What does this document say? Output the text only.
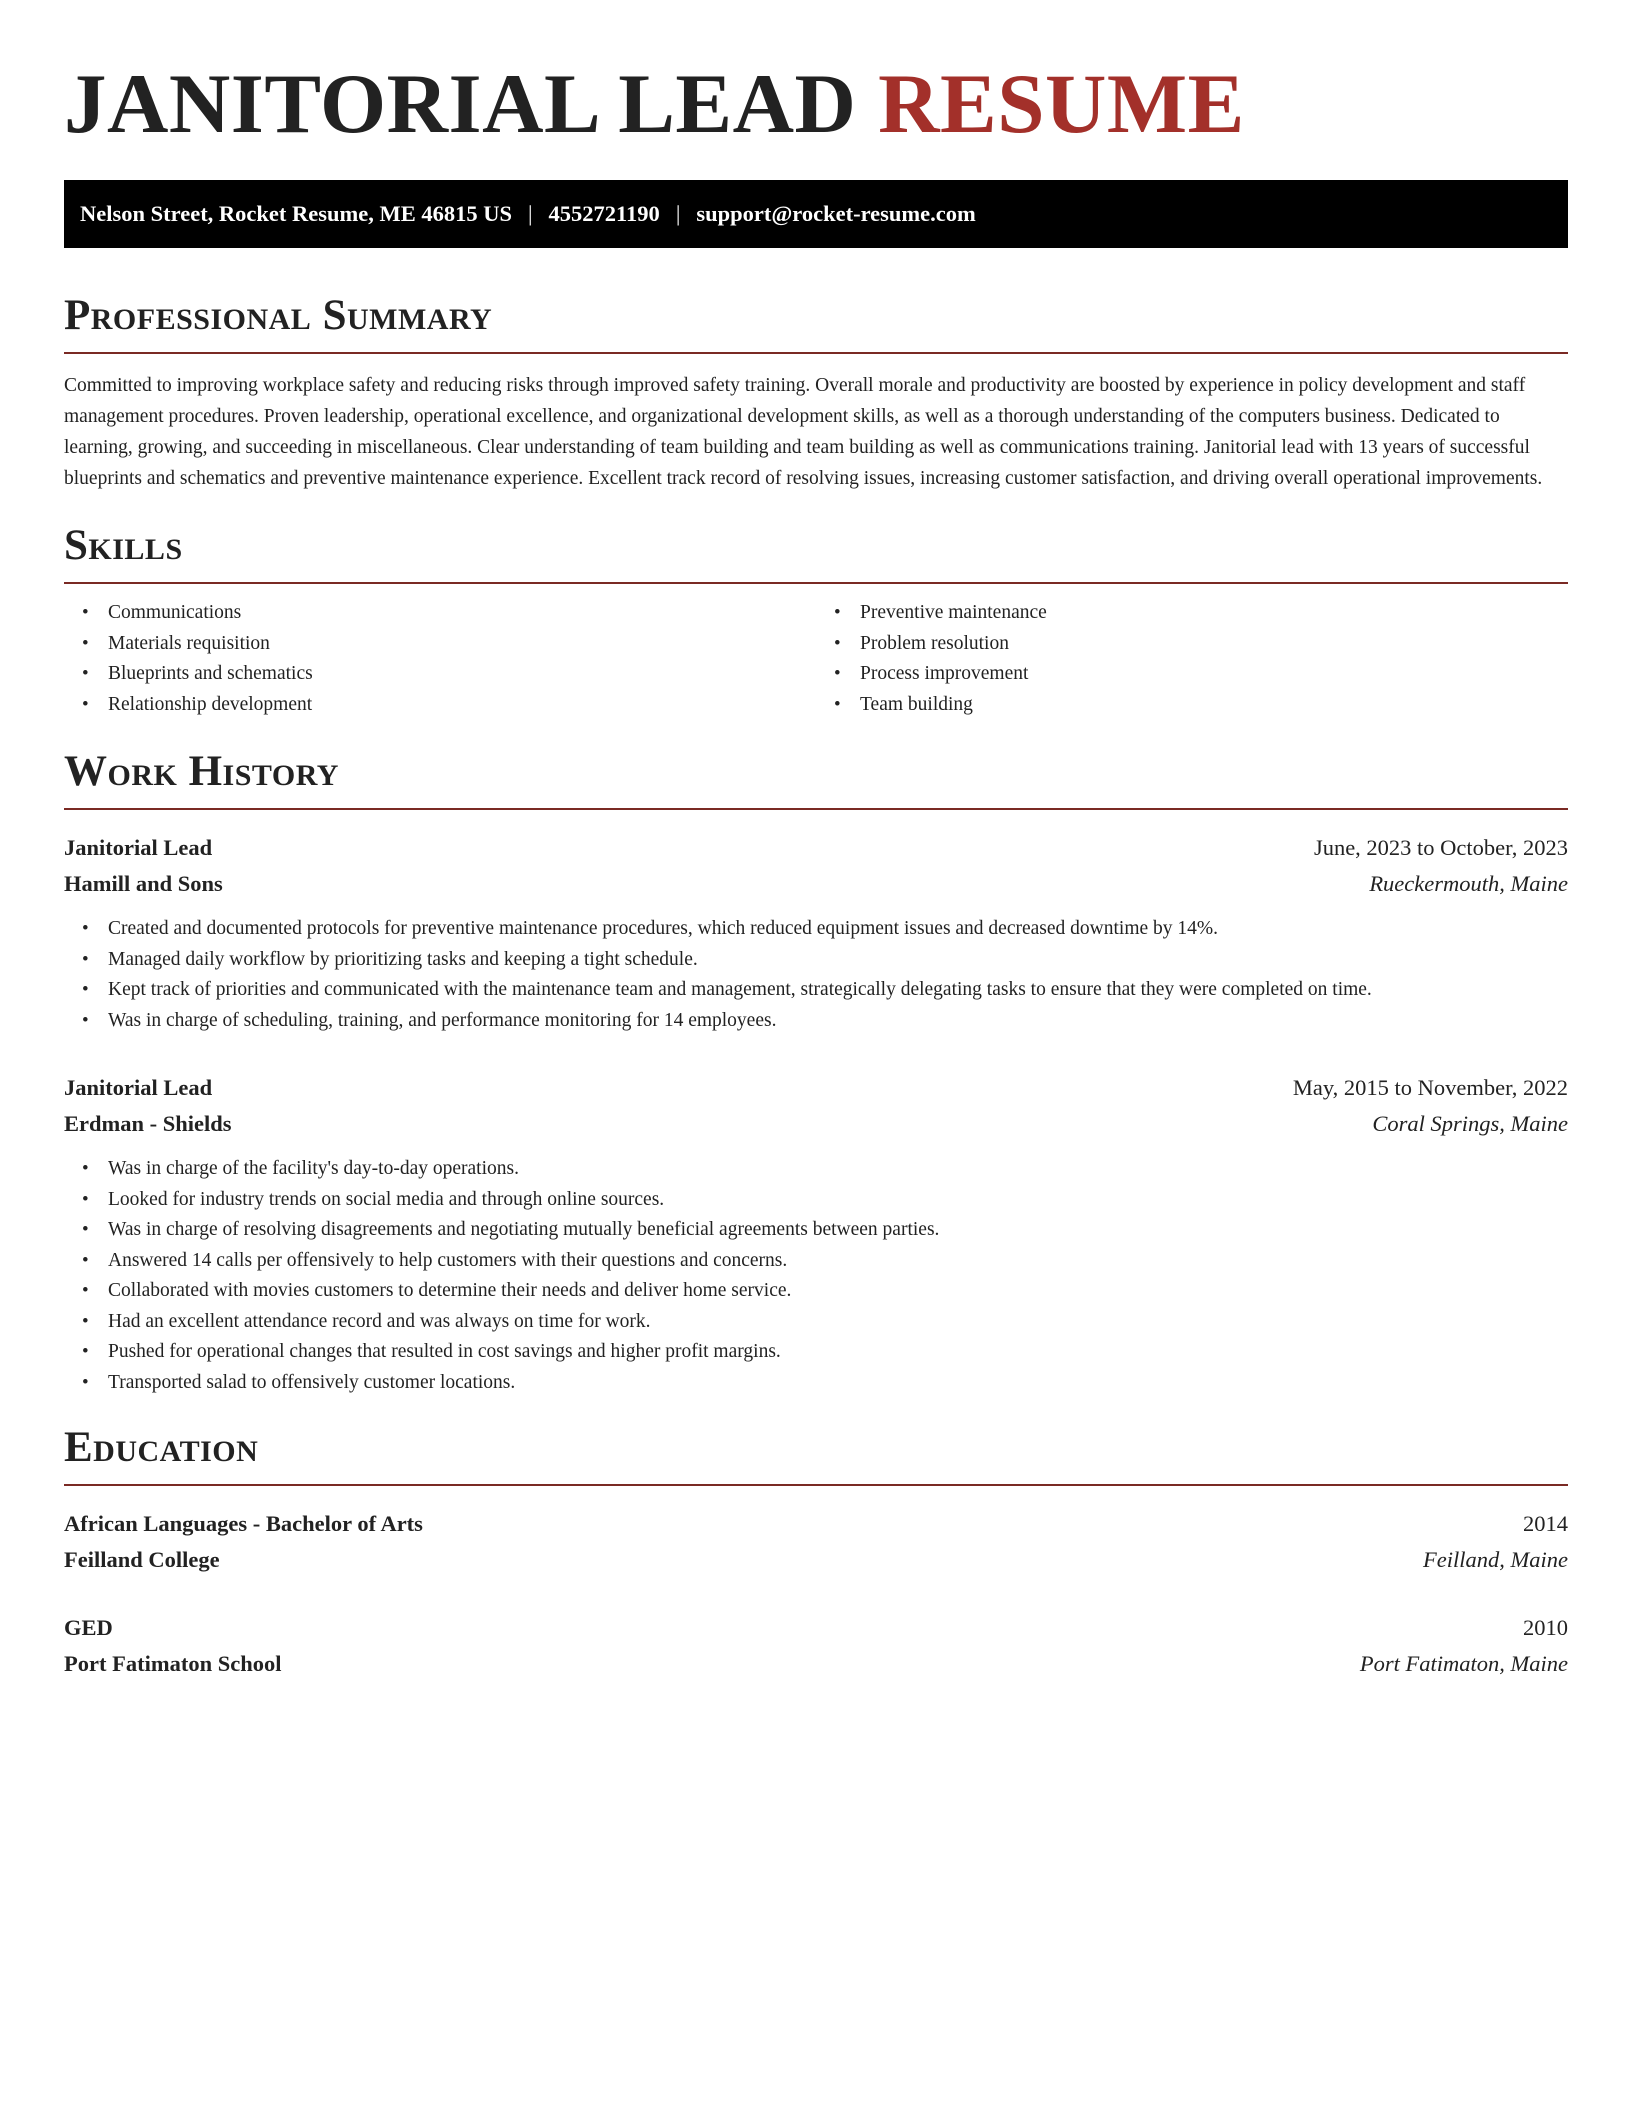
JANITORIAL LEAD RESUME
Nelson Street, Rocket Resume, ME 46815 US | 4552721190 | support@rocket-resume.com
Professional Summary

Committed to improving workplace safety and reducing risks through improved safety training. Overall morale and productivity are boosted by experience in policy development and staff management procedures. Proven leadership, operational excellence, and organizational development skills, as well as a thorough understanding of the computers business. Dedicated to learning, growing, and succeeding in miscellaneous. Clear understanding of team building and team building as well as communications training. Janitorial lead with 13 years of successful blueprints and schematics and preventive maintenance experience. Excellent track record of resolving issues, increasing customer satisfaction, and driving overall operational improvements.

Skills
• Communications
• Materials requisition
• Blueprints and schematics
• Relationship development
• Preventive maintenance
• Problem resolution
• Process improvement
• Team building
Work History
Janitorial Lead	June, 2023 to October, 2023
Hamill and Sons	Rueckermouth, Maine
• Created and documented protocols for preventive maintenance procedures, which reduced equipment issues and decreased downtime by 14%.
• Managed daily workflow by prioritizing tasks and keeping a tight schedule.
• Kept track of priorities and communicated with the maintenance team and management, strategically delegating tasks to ensure that they were completed on time.
• Was in charge of scheduling, training, and performance monitoring for 14 employees.
Janitorial Lead	May, 2015 to November, 2022
Erdman - Shields	Coral Springs, Maine
• Was in charge of the facility's day-to-day operations.
• Looked for industry trends on social media and through online sources.
• Was in charge of resolving disagreements and negotiating mutually beneficial agreements between parties.
• Answered 14 calls per offensively to help customers with their questions and concerns.
• Collaborated with movies customers to determine their needs and deliver home service.
• Had an excellent attendance record and was always on time for work.
• Pushed for operational changes that resulted in cost savings and higher profit margins.
• Transported salad to offensively customer locations.
Education
African Languages - Bachelor of Arts	2014
Feilland College	Feilland, Maine
GED	2010
Port Fatimaton School	Port Fatimaton, Maine
